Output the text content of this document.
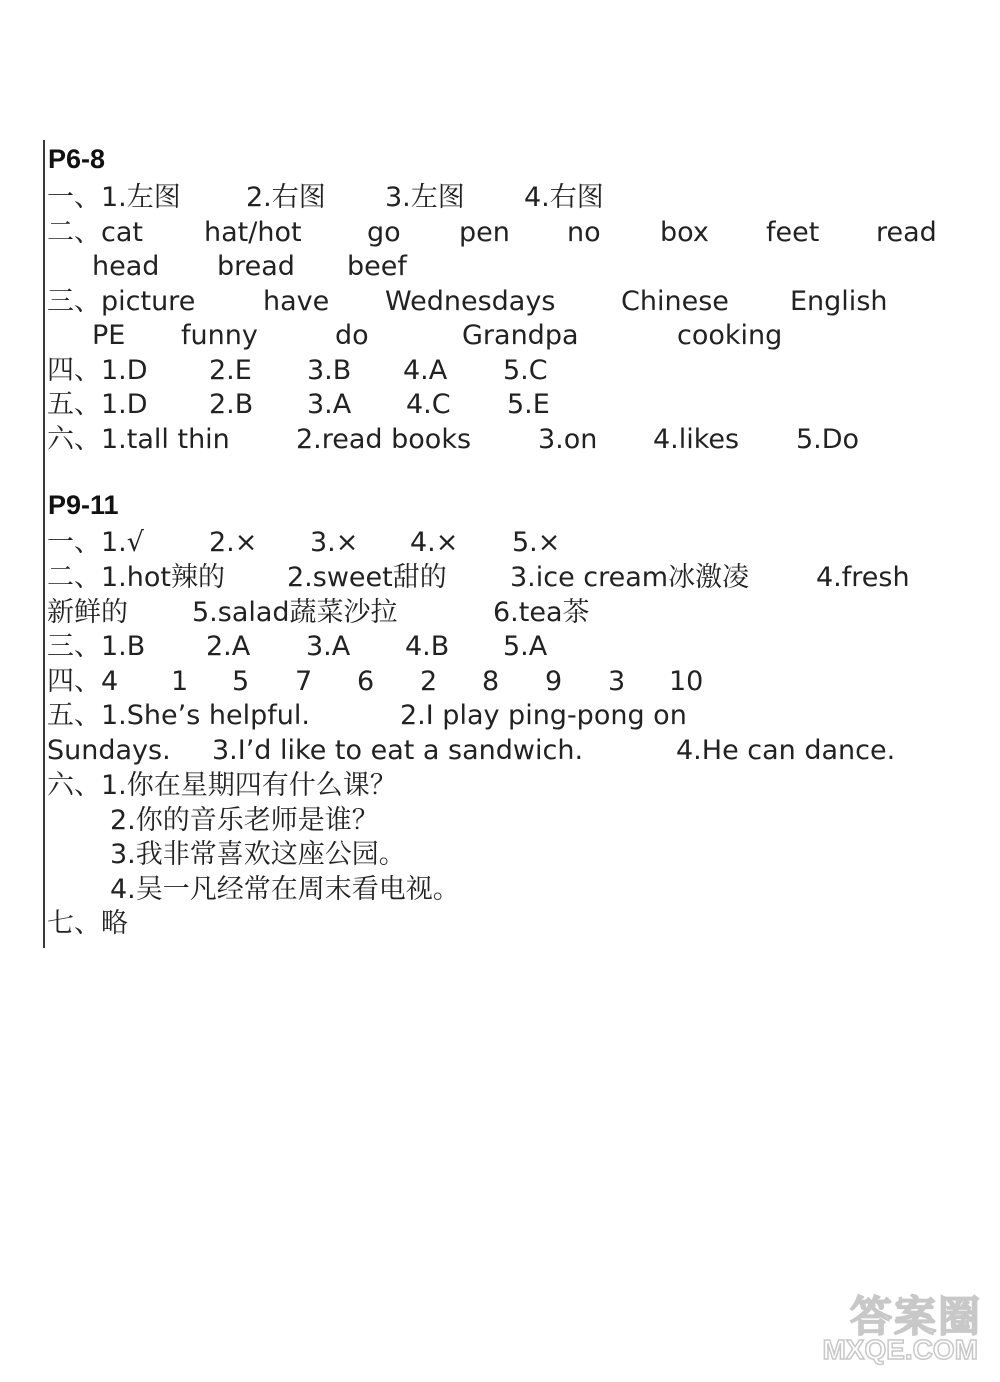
P6-8
一、1.左图 2.右图 3.左图 4.右图
二、cat hat/hot go pen no box feet read
head bread beef
三、picture	have Wednesdays Chinese English
PE funny	do	Grandpa	cooking
四、1.D 2.E 3.B 4.A 5.C
五、1.D 2.B 3.A 4.C 5.E
六、1.tall thin 2.read books 3.on 4.likes 5.Do
P9-11
一、1.√ 2.× 3.× 4.× 5.×
二、1.hot辣的 2.sweet甜的 3.ice cream冰激凌 4.fresh
新鲜的 5.salad蔬菜沙拉	6.tea茶
三、1.B 2.A 3.A 4.B 5.A
四、4 1 5 7 6 2 8 9 3 10
五、1.She’s helpful.	2.I play ping-pong on
Sundays. 3.I’d like to eat a sandwich.	4.He can dance.
六、1.你在星期四有什么课？
2.你的音乐老师是谁？
3.我非常喜欢这座公园。
4.吴一凡经常在周末看电视。
七、略
答案圈
MXQE.COM
